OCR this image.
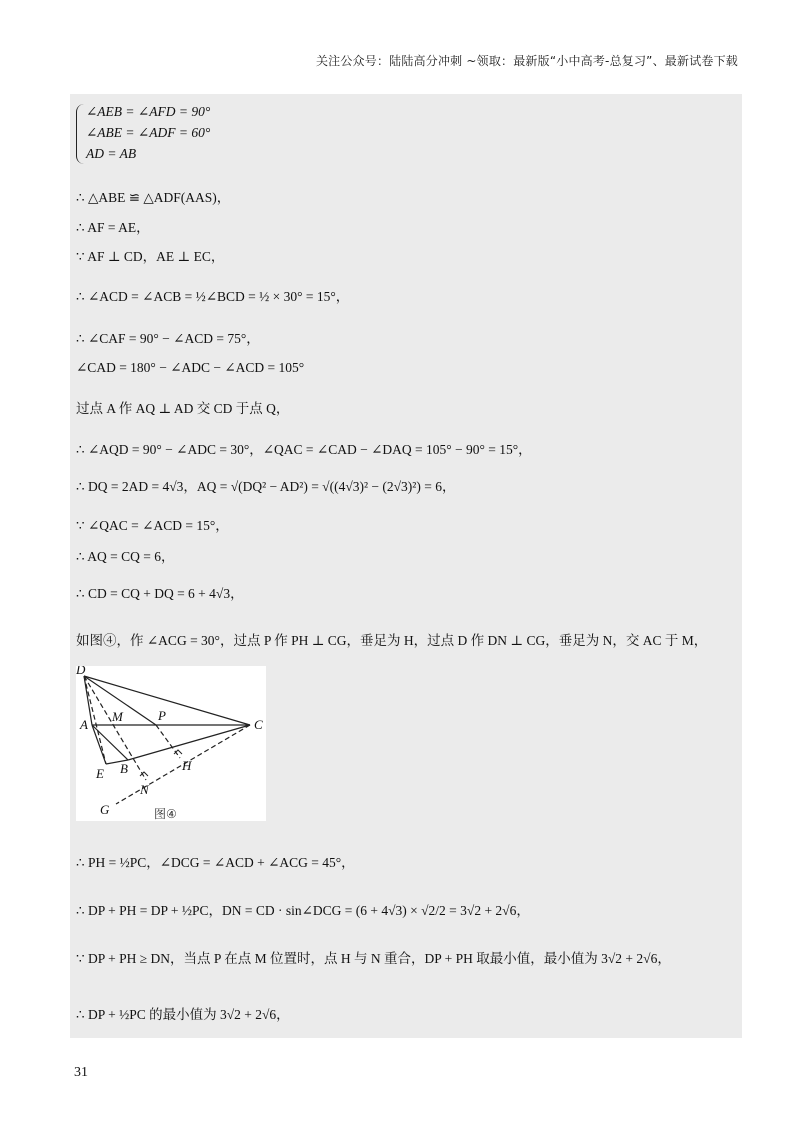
关注公众号：陆陆高分冲刺 ~领取：最新版“小中高考-总复习”、最新试卷下载
∠AEB = ∠AFD = 90°
∠ABE = ∠ADF = 60°
AD = AB
∴ △ABE ≌ △ADF(AAS)，
∴ AF = AE，
∵ AF ⊥ CD，AE ⊥ EC，
∴ ∠ACD = ∠ACB = ½∠BCD = ½ × 30° = 15°，
∴ ∠CAF = 90° − ∠ACD = 75°，
∠CAD = 180° − ∠ADC − ∠ACD = 105°
过点 A 作 AQ ⊥ AD 交 CD 于点 Q，
∴ ∠AQD = 90° − ∠ADC = 30°，∠QAC = ∠CAD − ∠DAQ = 105° − 90° = 15°，
∴ DQ = 2AD = 4√3，AQ = √(DQ² − AD²) = √((4√3)² − (2√3)²) = 6，
∵ ∠QAC = ∠ACD = 15°，
∴ AQ = CQ = 6，
∴ CD = CQ + DQ = 6 + 4√3，
如图④，作 ∠ACG = 30°，过点 P 作 PH ⊥ CG，垂足为 H，过点 D 作 DN ⊥ CG，垂足为 N，交 AC 于 M，
D
A
M	P
C
E B	H
N
G	图④
∴ PH = ½PC，∠DCG = ∠ACD + ∠ACG = 45°，
∴ DP + PH = DP + ½PC，DN = CD · sin∠DCG = (6 + 4√3) × √2/2 = 3√2 + 2√6，
∵ DP + PH ≥ DN，当点 P 在点 M 位置时，点 H 与 N 重合，DP + PH 取最小值，最小值为 3√2 + 2√6，
∴ DP + ½PC 的最小值为 3√2 + 2√6，
31
